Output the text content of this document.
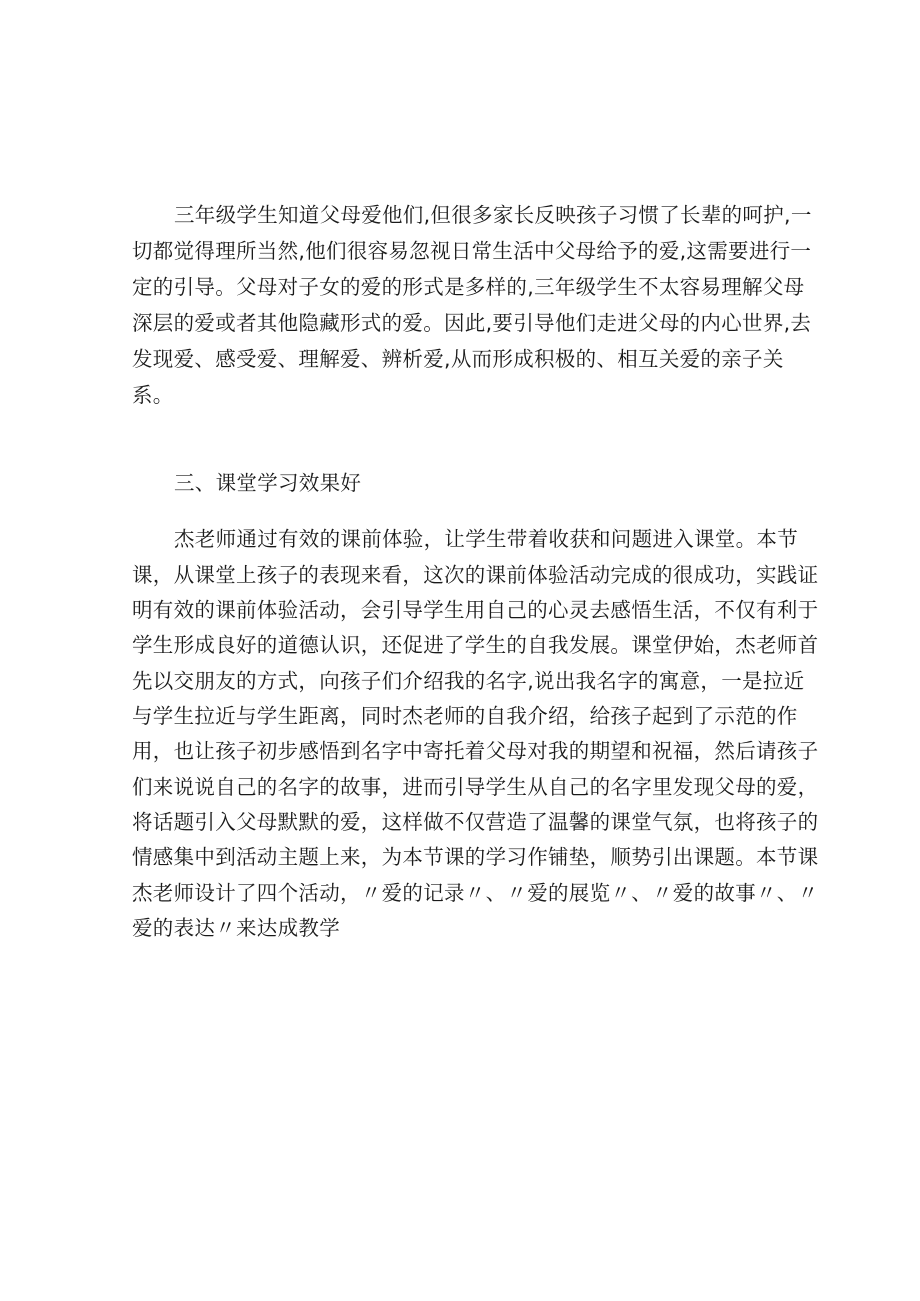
三年级学生知道父母爱他们,但很多家长反映孩子习惯了长辈的呵护,一
切都觉得理所当然,他们很容易忽视日常生活中父母给予的爱,这需要进行一
定的引导。父母对子女的爱的形式是多样的,三年级学生不太容易理解父母
深层的爱或者其他隐藏形式的爱。因此,要引导他们走进父母的内心世界,去
发现爱、感受爱、理解爱、辨析爱,从而形成积极的、相互关爱的亲子关
系。
三、课堂学习效果好
杰老师通过有效的课前体验，让学生带着收获和问题进入课堂。本节
课，从课堂上孩子的表现来看，这次的课前体验活动完成的很成功，实践证
明有效的课前体验活动，会引导学生用自己的心灵去感悟生活，不仅有利于
学生形成良好的道德认识，还促进了学生的自我发展。课堂伊始，杰老师首
先以交朋友的方式，向孩子们介绍我的名字,说出我名字的寓意，一是拉近
与学生拉近与学生距离，同时杰老师的自我介绍，给孩子起到了示范的作
用，也让孩子初步感悟到名字中寄托着父母对我的期望和祝福，然后请孩子
们来说说自己的名字的故事，进而引导学生从自己的名字里发现父母的爱，
将话题引入父母默默的爱，这样做不仅营造了温馨的课堂气氛，也将孩子的
情感集中到活动主题上来，为本节课的学习作铺垫，顺势引出课题。本节课
杰老师设计了四个活动，〃爱的记录〃、〃爱的展览〃、〃爱的故事〃、〃
爱的表达〃来达成教学
